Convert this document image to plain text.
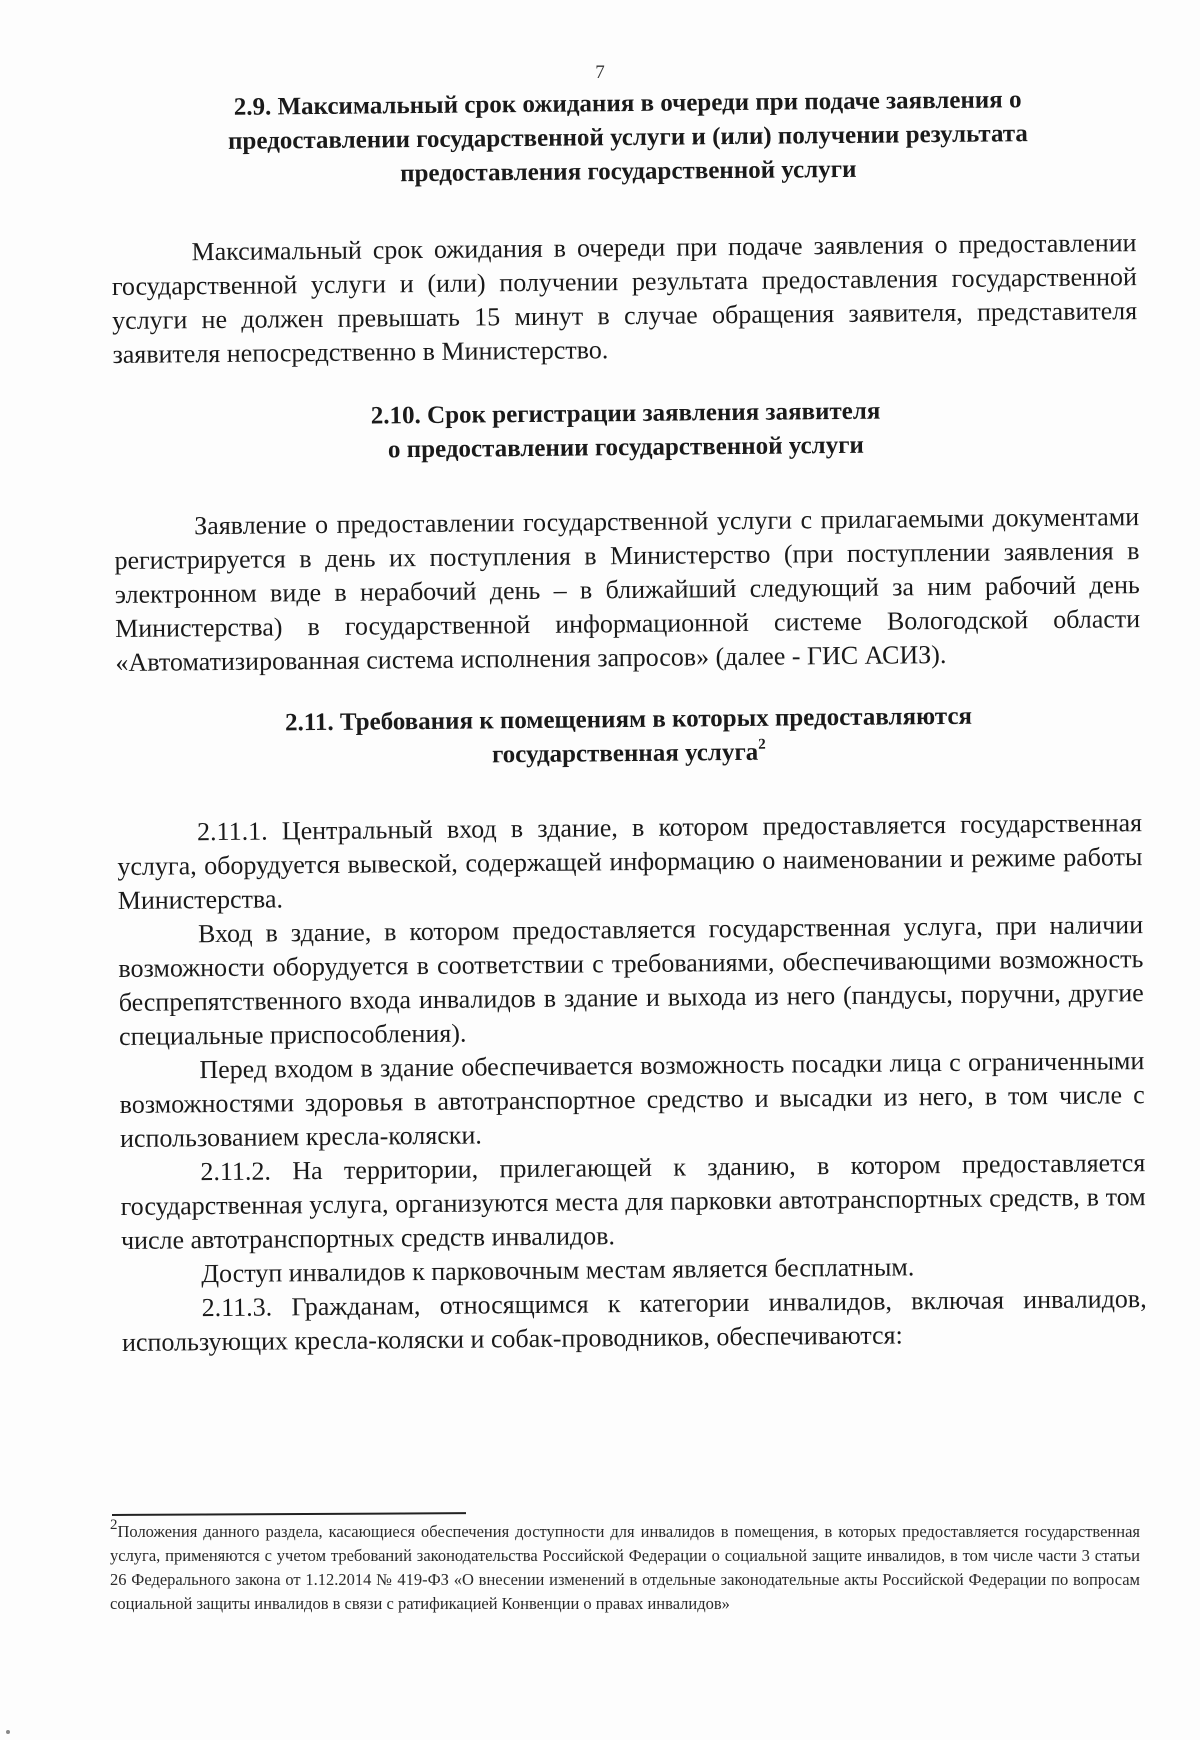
7
2.9. Максимальный срок ожидания в очереди при подаче заявления о
предоставлении государственной услуги и (или) получении результата
предоставления государственной услуги

Максимальный срок ожидания в очереди при подаче заявления о предоставлении государственной услуги и (или) получении результата предоставления государственной услуги не должен превышать 15 минут в случае обращения заявителя, представителя заявителя непосредственно в Министерство.

2.10. Срок регистрации заявления заявителя
о предоставлении государственной услуги

Заявление о предоставлении государственной услуги с прилагаемыми документами регистрируется в день их поступления в Министерство (при поступлении заявления в электронном виде в нерабочий день – в ближайший следующий за ним рабочий день Министерства) в государственной информационной системе Вологодской области «Автоматизированная система исполнения запросов» (далее - ГИС АСИЗ).

2.11. Требования к помещениям в которых предоставляются
государственная услуга$^2$

2.11.1. Центральный вход в здание, в котором предоставляется государственная услуга, оборудуется вывеской, содержащей информацию о наименовании и режиме работы Министерства.

Вход в здание, в котором предоставляется государственная услуга, при наличии возможности оборудуется в соответствии с требованиями, обеспечивающими возможность беспрепятственного входа инвалидов в здание и выхода из него (пандусы, поручни, другие специальные приспособления).

Перед входом в здание обеспечивается возможность посадки лица с ограниченными возможностями здоровья в автотранспортное средство и высадки из него, в том числе с использованием кресла-коляски.

2.11.2. На территории, прилегающей к зданию, в котором предоставляется государственная услуга, организуются места для парковки автотранспортных средств, в том числе автотранспортных средств инвалидов.

Доступ инвалидов к парковочным местам является бесплатным.

2.11.3. Гражданам, относящимся к категории инвалидов, включая инвалидов, использующих кресла-коляски и собак-проводников, обеспечиваются:

$^2$Положения данного раздела, касающиеся обеспечения доступности для инвалидов в помещения, в которых предоставляется государственная услуга, применяются с учетом требований законодательства Российской Федерации о социальной защите инвалидов, в том числе части 3 статьи 26 Федерального закона от 1.12.2014 № 419-ФЗ «О внесении изменений в отдельные законодательные акты Российской Федерации по вопросам социальной защиты инвалидов в связи с ратификацией Конвенции о правах инвалидов»
